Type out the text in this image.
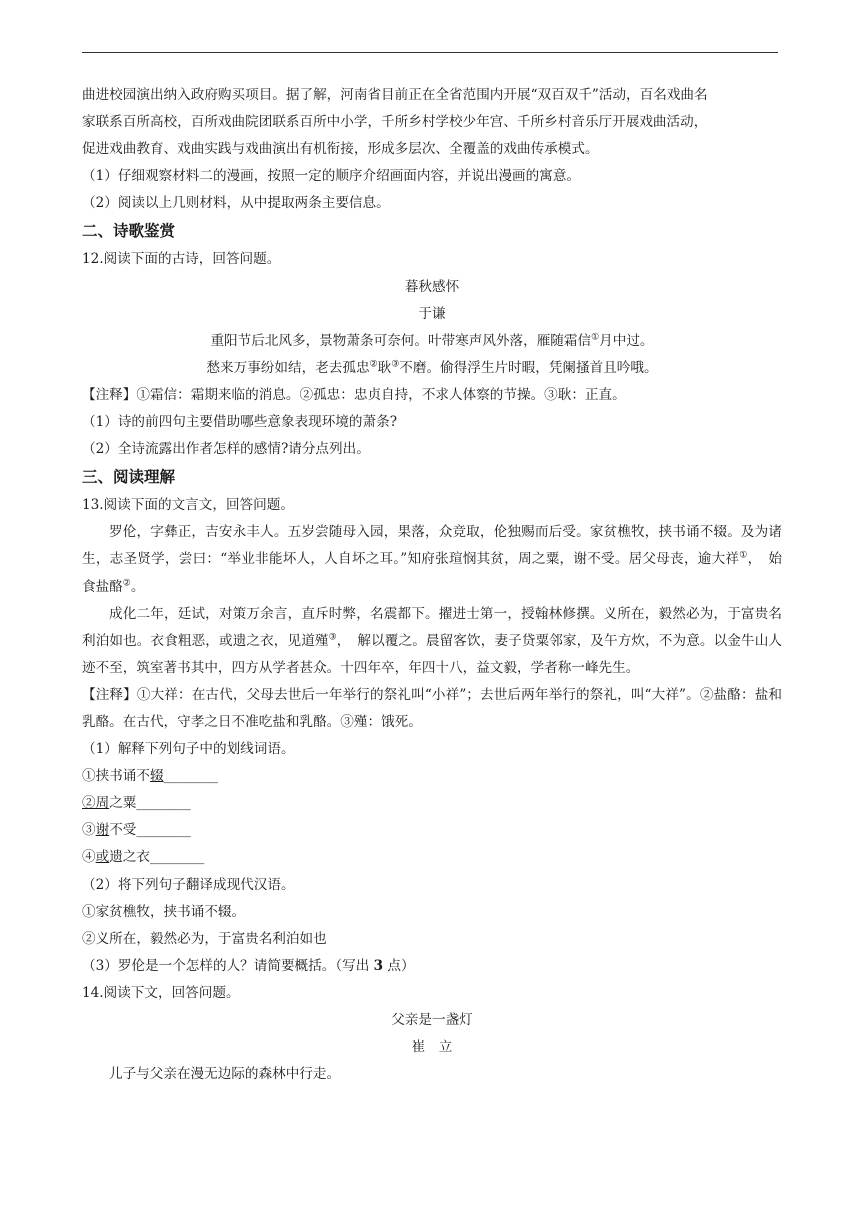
曲进校园演出纳入政府购买项目。据了解，河南省目前正在全省范围内开展“双百双千”活动，百名戏曲名

家联系百所高校，百所戏曲院团联系百所中小学，千所乡村学校少年宫、千所乡村音乐厅开展戏曲活动，

促进戏曲教育、戏曲实践与戏曲演出有机衔接，形成多层次、全覆盖的戏曲传承模式。

（1）仔细观察材料二的漫画，按照一定的顺序介绍画面内容，并说出漫画的寓意。

（2）阅读以上几则材料，从中提取两条主要信息。

二、诗歌鉴赏

12.阅读下面的古诗，回答问题。

暮秋感怀

于谦

重阳节后北风多，景物萧条可奈何。叶带寒声风外落，雁随霜信①月中过。

愁来万事纷如结，老去孤忠②耿③不磨。偷得浮生片时暇，凭阑搔首且吟哦。

【注释】①霜信：霜期来临的消息。②孤忠：忠贞自持，不求人体察的节操。③耿：正直。

（1）诗的前四句主要借助哪些意象表现环境的萧条?

（2）全诗流露出作者怎样的感情?请分点列出。

三、阅读理解

13.阅读下面的文言文，回答问题。

罗伦，字彝正，吉安永丰人。五岁尝随母入园，果落，众竞取，伦独赐而后受。家贫樵牧，挟书诵不辍。及为诸生，志圣贤学，尝曰：“举业非能坏人，人自坏之耳。”知府张瑄悯其贫，周之粟，谢不受。居父母丧，逾大祥①，　始食盐酪②。

成化二年，廷试，对策万余言，直斥时弊，名震都下。擢进士第一，授翰林修撰。义所在，毅然必为，于富贵名利泊如也。衣食粗恶，或遗之衣，见道殣③，　解以覆之。晨留客饮，妻子贷粟邻家，及午方炊，不为意。以金牛山人迹不至，筑室著书其中，四方从学者甚众。十四年卒，年四十八，益文毅，学者称一峰先生。

【注释】①大祥：在古代，父母去世后一年举行的祭礼叫“小祥”；去世后两年举行的祭礼，叫“大祥”。②盐酪：盐和乳酪。在古代，守孝之日不准吃盐和乳酪。③殣：饿死。

（1）解释下列句子中的划线词语。

①挟书诵不辍________

②周之粟________

③谢不受________

④或遗之衣________

（2）将下列句子翻译成现代汉语。

①家贫樵牧，挟书诵不辍。

②义所在，毅然必为，于富贵名利泊如也

（3）罗伦是一个怎样的人？请简要概括。（写出 3 点）

14.阅读下文，回答问题。

父亲是一盏灯

崔　立

儿子与父亲在漫无边际的森林中行走。
